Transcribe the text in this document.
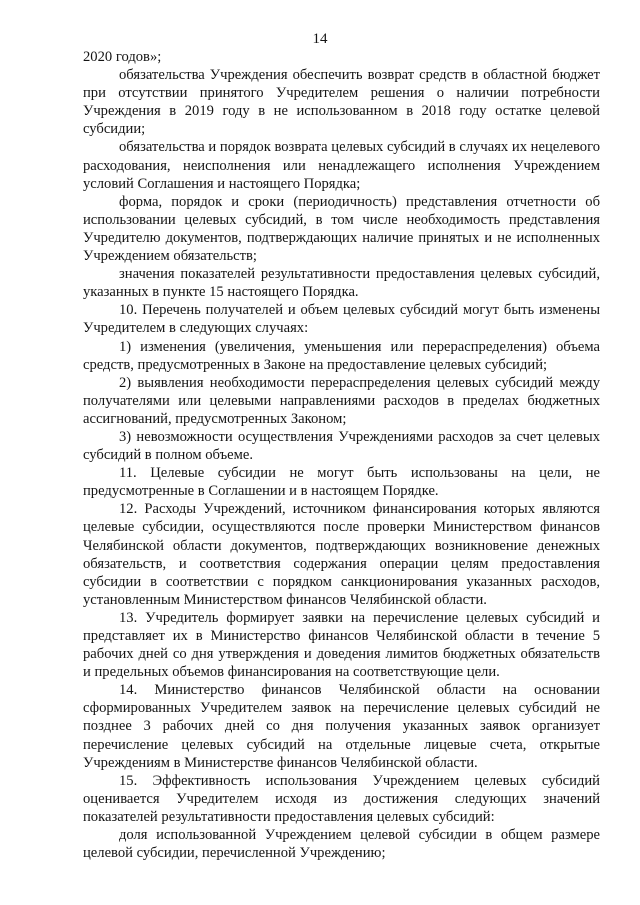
14

2020 годов»;

обязательства Учреждения обеспечить возврат средств в областной бюджет при отсутствии принятого Учредителем решения о наличии потребности Учреждения в 2019 году в не использованном в 2018 году остатке целевой субсидии;

обязательства и порядок возврата целевых субсидий в случаях их нецелевого расходования, неисполнения или ненадлежащего исполнения Учреждением условий Соглашения и настоящего Порядка;

форма, порядок и сроки (периодичность) представления отчетности об использовании целевых субсидий, в том числе необходимость представления Учредителю документов, подтверждающих наличие принятых и не исполненных Учреждением обязательств;

значения показателей результативности предоставления целевых субсидий, указанных в пункте 15 настоящего Порядка.

10. Перечень получателей и объем целевых субсидий могут быть изменены Учредителем в следующих случаях:

1) изменения (увеличения, уменьшения или перераспределения) объема средств, предусмотренных в Законе на предоставление целевых субсидий;

2) выявления необходимости перераспределения целевых субсидий между получателями или целевыми направлениями расходов в пределах бюджетных ассигнований, предусмотренных Законом;

3) невозможности осуществления Учреждениями расходов за счет целевых субсидий в полном объеме.

11. Целевые субсидии не могут быть использованы на цели, не предусмотренные в Соглашении и в настоящем Порядке.

12. Расходы Учреждений, источником финансирования которых являются целевые субсидии, осуществляются после проверки Министерством финансов Челябинской области документов, подтверждающих возникновение денежных обязательств, и соответствия содержания операции целям предоставления субсидии в соответствии с порядком санкционирования указанных расходов, установленным Министерством финансов Челябинской области.

13. Учредитель формирует заявки на перечисление целевых субсидий и представляет их в Министерство финансов Челябинской области в течение 5 рабочих дней со дня утверждения и доведения лимитов бюджетных обязательств и предельных объемов финансирования на соответствующие цели.

14. Министерство финансов Челябинской области на основании сформированных Учредителем заявок на перечисление целевых субсидий не позднее 3 рабочих дней со дня получения указанных заявок организует перечисление целевых субсидий на отдельные лицевые счета, открытые Учреждениям в Министерстве финансов Челябинской области.

15. Эффективность использования Учреждением целевых субсидий оценивается Учредителем исходя из достижения следующих значений показателей результативности предоставления целевых субсидий:

доля использованной Учреждением целевой субсидии в общем размере целевой субсидии, перечисленной Учреждению;
